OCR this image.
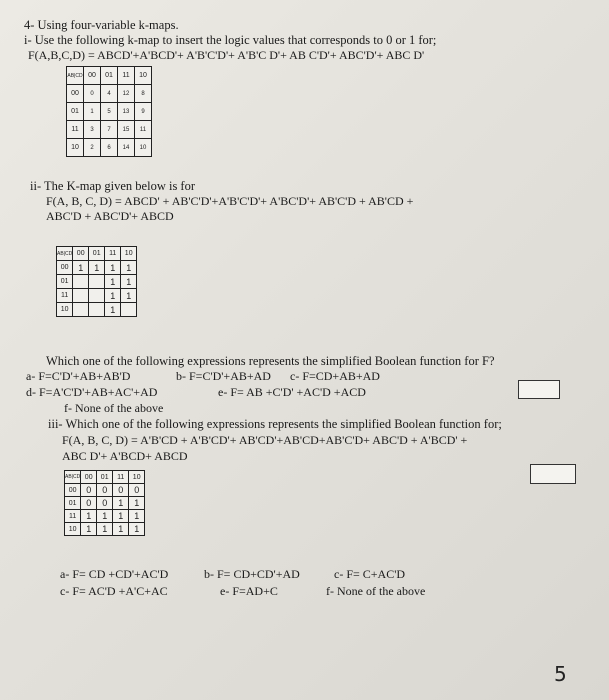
4- Using four-variable k-maps.
i- Use the following k-map to insert the logic values that corresponds to 0 or 1 for;
F(A,B,C,D) = ABCD'+A'BCD'+ A'B'C'D'+ A'B'C D'+ AB C'D'+ ABC'D'+ ABC D'
AB|CD	00	01	11	10
00	0	4	12	8
01	1	5	13	9
11	3	7	15	11
10	2	6	14	10
ii- The K-map given below is for
F(A, B, C, D) = ABCD' + AB'C'D'+A'B'C'D'+ A'BC'D'+ AB'C'D + AB'CD +
ABC'D + ABC'D'+ ABCD
AB|CD	00	01	11	10
00	1	1	1	1
01			1	1
11			1	1
10			1	
Which one of the following expressions represents the simplified Boolean function for F?
a- F=C'D'+AB+AB'D	b- F=C'D'+AB+AD c- F=CD+AB+AD
d- F=A'C'D'+AB+AC'+AD	e- F= AB +C'D' +AC'D +ACD
f- None of the above
iii- Which one of the following expressions represents the simplified Boolean function for;
F(A, B, C, D) = A'B'CD + A'B'CD'+ AB'CD'+AB'CD+AB'C'D+ ABC'D + A'BCD' +
ABC D'+ A'BCD+ ABCD
AB|CD	00	01	11	10
00	0	0	0	0
01	0	0	1	1
11	1	1	1	1
10	1	1	1	1
a- F= CD +CD'+AC'D	b- F= CD+CD'+AD	c- F= C+AC'D
c- F= AC'D +A'C+AC	e- F=AD+C	f- None of the above
5
